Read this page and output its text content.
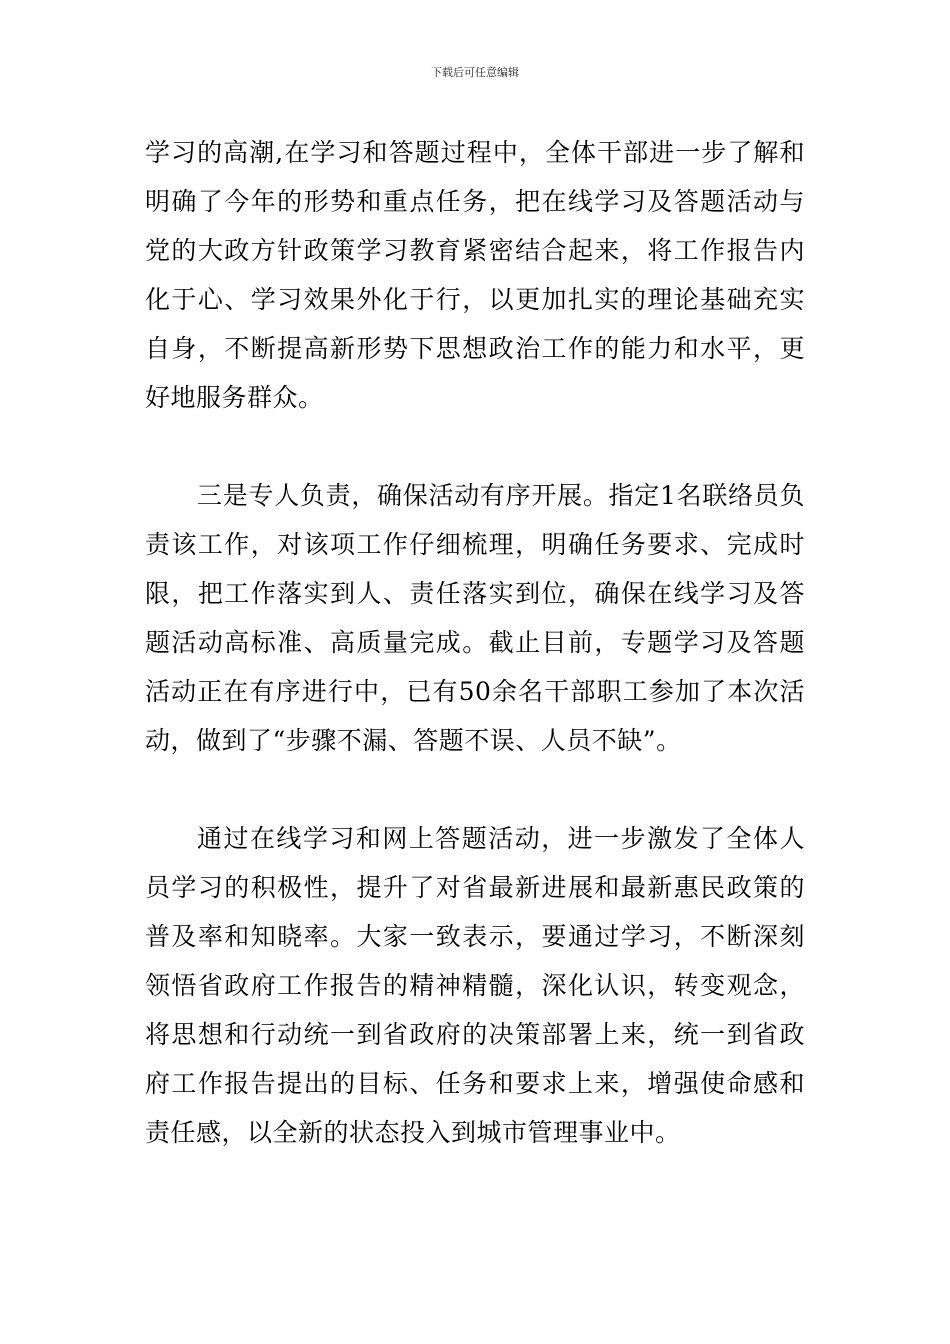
下载后可任意编辑

学习的高潮,在学习和答题过程中，全体干部进一步了解和明确了今年的形势和重点任务，把在线学习及答题活动与党的大政方针政策学习教育紧密结合起来，将工作报告内化于心、学习效果外化于行，以更加扎实的理论基础充实自身，不断提高新形势下思想政治工作的能力和水平，更好地服务群众。

三是专人负责，确保活动有序开展。指定1名联络员负责该工作，对该项工作仔细梳理，明确任务要求、完成时限，把工作落实到人、责任落实到位，确保在线学习及答题活动高标准、高质量完成。截止目前，专题学习及答题活动正在有序进行中，已有50余名干部职工参加了本次活动，做到了“步骤不漏、答题不误、人员不缺”。

通过在线学习和网上答题活动，进一步激发了全体人员学习的积极性，提升了对省最新进展和最新惠民政策的普及率和知晓率。大家一致表示，要通过学习，不断深刻领悟省政府工作报告的精神精髓，深化认识，转变观念，将思想和行动统一到省政府的决策部署上来，统一到省政府工作报告提出的目标、任务和要求上来，增强使命感和责任感，以全新的状态投入到城市管理事业中。
